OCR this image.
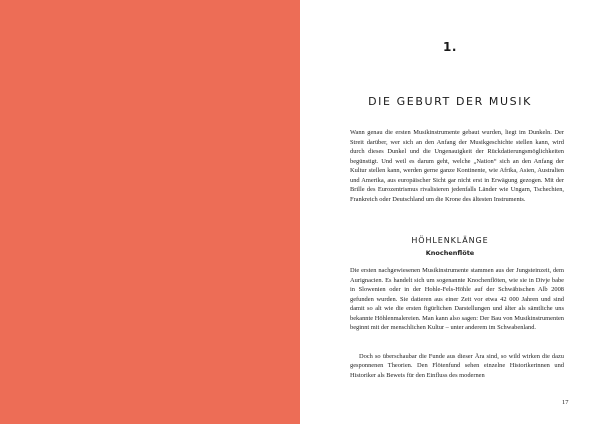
1.
DIE GEBURT DER MUSIK

Wann genau die ersten Musikinstrumente gebaut wurden, liegt im Dunkeln. Der Streit darüber, wer sich an den Anfang der Musikgeschichte stellen kann, wird durch dieses Dunkel und die Ungenauigkeit der Rückdatierungsmöglichkeiten begünstigt. Und weil es darum geht, welche „Nation“ sich an den Anfang der Kultur stellen kann, werden gerne ganze Kontinente, wie Afrika, Asien, Australien und Amerika, aus europäischer Sicht gar nicht erst in Erwägung gezogen. Mit der Brille des Eurozentrismus rivalisieren jedenfalls Länder wie Ungarn, Tschechien, Frankreich oder Deutschland um die Krone des ältesten Instruments.

HÖHLENKLÄNGE
Knochenflöte

Die ersten nachgewiesenen Musikinstrumente stammen aus der Jungsteinzeit, dem Aurignacien. Es handelt sich um sogenannte Knochenflöten, wie sie in Divje babe in Slowenien oder in der Hohle-Fels-Höhle auf der Schwäbischen Alb 2008 gefunden wurden. Sie datieren aus einer Zeit vor etwa 42 000 Jahren und sind damit so alt wie die ersten figürlichen Darstellungen und älter als sämtliche uns bekannte Höhlenmalereien. Man kann also sagen: Der Bau von Musikinstrumenten beginnt mit der menschlichen Kultur – unter anderem im Schwabenland.

Doch so überschaubar die Funde aus dieser Ära sind, so wild wirken die dazu gesponnenen Theorien. Den Flötenfund sehen einzelne Historikerinnen und Historiker als Beweis für den Einfluss des modernen

17
